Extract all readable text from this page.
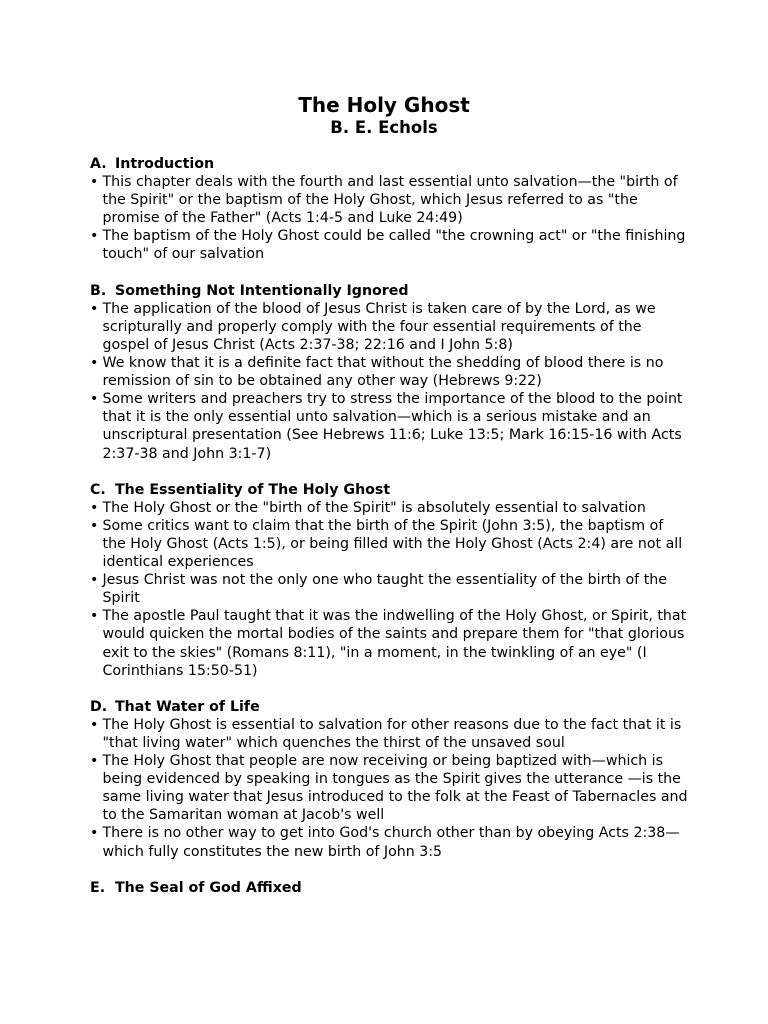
The Holy Ghost
B. E. Echols
A. Introduction
• This chapter deals with the fourth and last essential unto salvation—the "birth of the Spirit" or the baptism of the Holy Ghost, which Jesus referred to as "the promise of the Father" (Acts 1:4-5 and Luke 24:49)
• The baptism of the Holy Ghost could be called "the crowning act" or "the finishing touch" of our salvation
B. Something Not Intentionally Ignored
• The application of the blood of Jesus Christ is taken care of by the Lord, as we scripturally and properly comply with the four essential requirements of the gospel of Jesus Christ (Acts 2:37-38; 22:16 and I John 5:8)
• We know that it is a definite fact that without the shedding of blood there is no remission of sin to be obtained any other way (Hebrews 9:22)
• Some writers and preachers try to stress the importance of the blood to the point that it is the only essential unto salvation—which is a serious mistake and an unscriptural presentation (See Hebrews 11:6; Luke 13:5; Mark 16:15-16 with Acts 2:37-38 and John 3:1-7)
C. The Essentiality of The Holy Ghost
• The Holy Ghost or the "birth of the Spirit" is absolutely essential to salvation
• Some critics want to claim that the birth of the Spirit (John 3:5), the baptism of the Holy Ghost (Acts 1:5), or being filled with the Holy Ghost (Acts 2:4) are not all identical experiences
• Jesus Christ was not the only one who taught the essentiality of the birth of the Spirit
• The apostle Paul taught that it was the indwelling of the Holy Ghost, or Spirit, that would quicken the mortal bodies of the saints and prepare them for "that glorious exit to the skies" (Romans 8:11), "in a moment, in the twinkling of an eye" (I Corinthians 15:50-51)
D. That Water of Life
• The Holy Ghost is essential to salvation for other reasons due to the fact that it is "that living water" which quenches the thirst of the unsaved soul
• The Holy Ghost that people are now receiving or being baptized with—which is being evidenced by speaking in tongues as the Spirit gives the utterance —is the same living water that Jesus introduced to the folk at the Feast of Tabernacles and to the Samaritan woman at Jacob's well
• There is no other way to get into God's church other than by obeying Acts 2:38—which fully constitutes the new birth of John 3:5
E. The Seal of God Affixed
